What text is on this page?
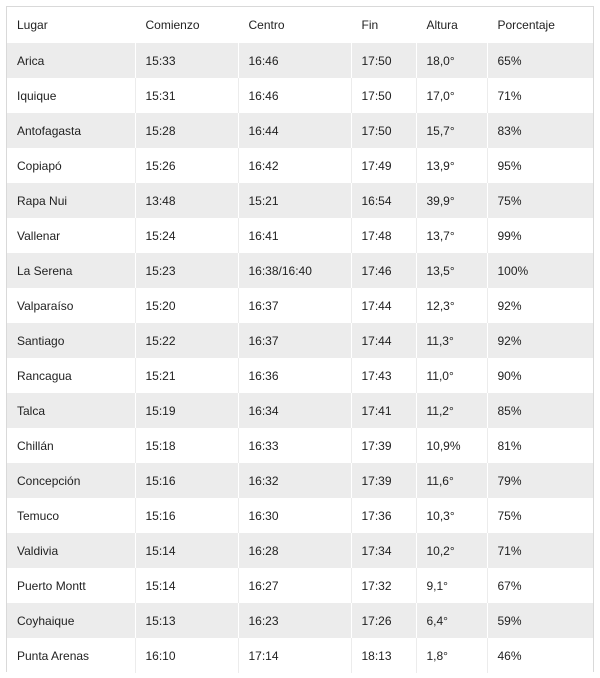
Lugar	Comienzo	Centro	Fin	Altura	Porcentaje
Arica	15:33	16:46	17:50	18,0°	65%
Iquique	15:31	16:46	17:50	17,0°	71%
Antofagasta	15:28	16:44	17:50	15,7°	83%
Copiapó	15:26	16:42	17:49	13,9°	95%
Rapa Nui	13:48	15:21	16:54	39,9°	75%
Vallenar	15:24	16:41	17:48	13,7°	99%
La Serena	15:23	16:38/16:40	17:46	13,5°	100%
Valparaíso	15:20	16:37	17:44	12,3°	92%
Santiago	15:22	16:37	17:44	11,3°	92%
Rancagua	15:21	16:36	17:43	11,0°	90%
Talca	15:19	16:34	17:41	11,2°	85%
Chillán	15:18	16:33	17:39	10,9%	81%
Concepción	15:16	16:32	17:39	11,6°	79%
Temuco	15:16	16:30	17:36	10,3°	75%
Valdivia	15:14	16:28	17:34	10,2°	71%
Puerto Montt	15:14	16:27	17:32	9,1°	67%
Coyhaique	15:13	16:23	17:26	6,4°	59%
Punta Arenas	16:10	17:14	18:13	1,8°	46%
